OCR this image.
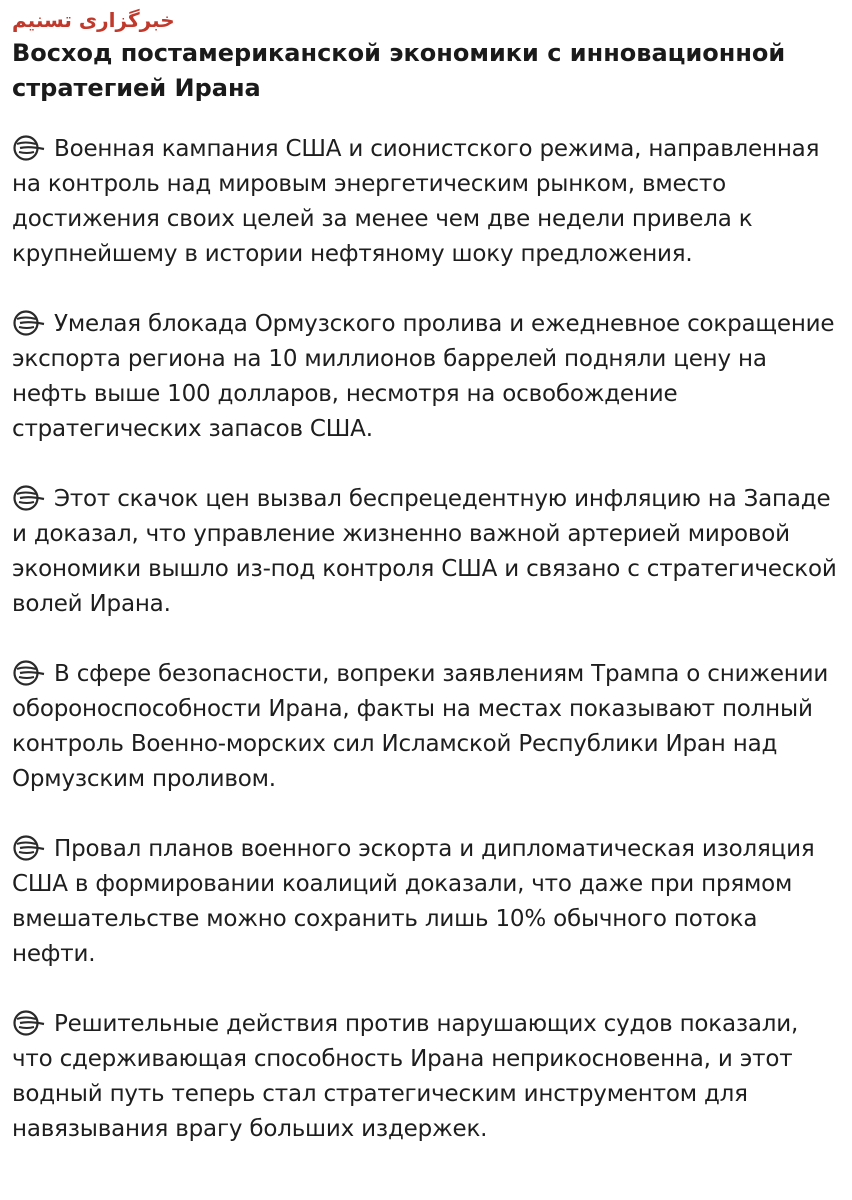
خبرگزاری تسنیم
Восход постамериканской экономики с инновационной стратегией Ирана

Военная кампания США и сионистского режима, направленная на контроль над мировым энергетическим рынком, вместо достижения своих целей за менее чем две недели привела к крупнейшему в истории нефтяному шоку предложения.

Умелая блокада Ормузского пролива и ежедневное сокращение экспорта региона на 10 миллионов баррелей подняли цену на нефть выше 100 долларов, несмотря на освобождение стратегических запасов США.

Этот скачок цен вызвал беспрецедентную инфляцию на Западе и доказал, что управление жизненно важной артерией мировой экономики вышло из-под контроля США и связано с стратегической волей Ирана.

В сфере безопасности, вопреки заявлениям Трампа о снижении обороноспособности Ирана, факты на местах показывают полный контроль Военно-морских сил Исламской Республики Иран над Ормузским проливом.

Провал планов военного эскорта и дипломатическая изоляция США в формировании коалиций доказали, что даже при прямом вмешательстве можно сохранить лишь 10% обычного потока нефти.

Решительные действия против нарушающих судов показали, что сдерживающая способность Ирана неприкосновенна, и этот водный путь теперь стал стратегическим инструментом для навязывания врагу больших издержек.
